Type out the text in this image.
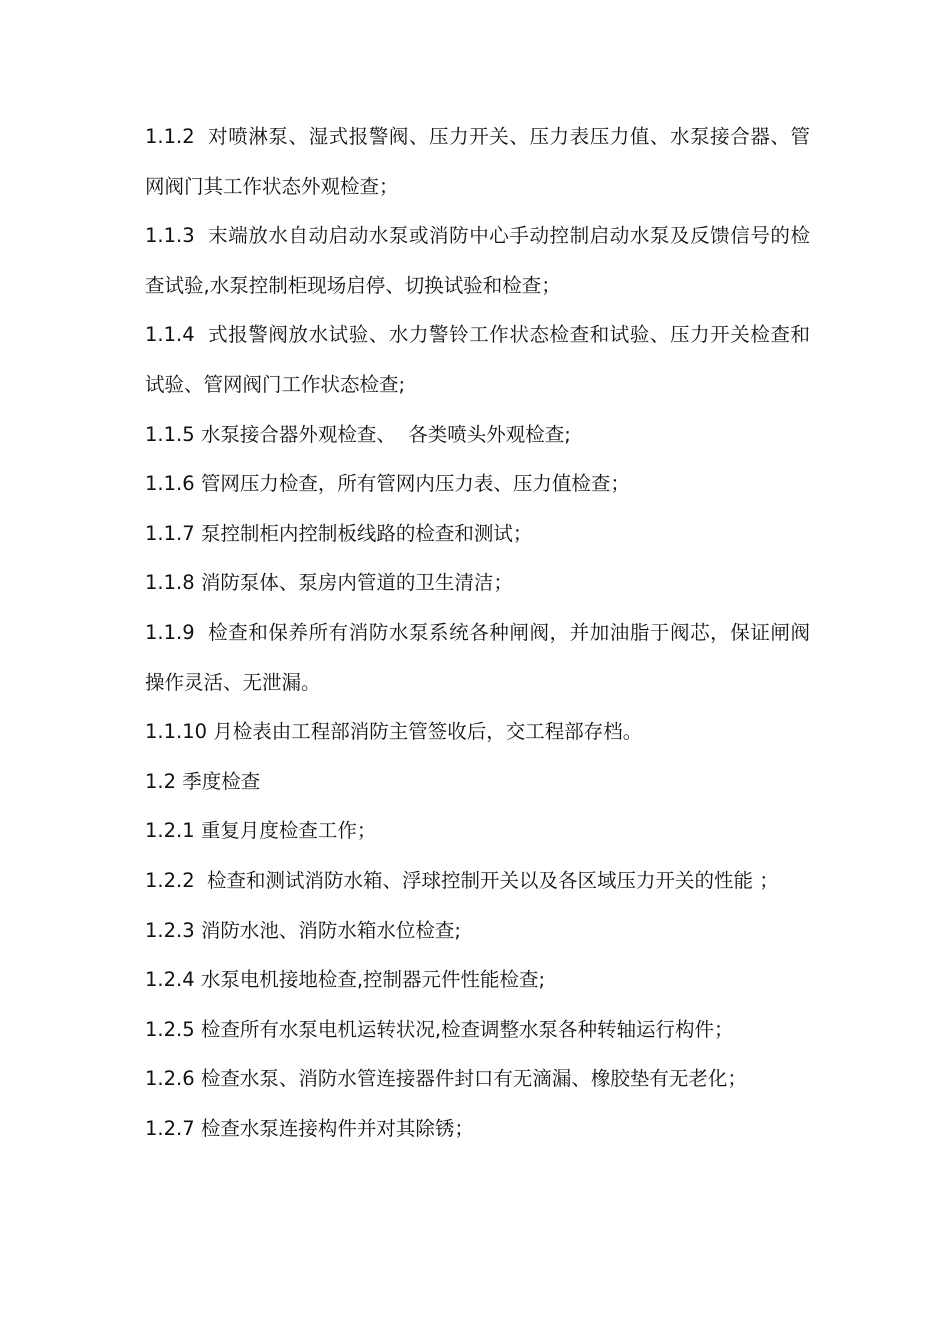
1.1.2  对喷淋泵、湿式报警阀、压力开关、压力表压力值、水泵接合器、管网阀门其工作状态外观检查；

1.1.3  末端放水自动启动水泵或消防中心手动控制启动水泵及反馈信号的检查试验,水泵控制柜现场启停、切换试验和检查；

1.1.4  式报警阀放水试验、水力警铃工作状态检查和试验、压力开关检查和试验、管网阀门工作状态检查;

1.1.5 水泵接合器外观检查、  各类喷头外观检查;

1.1.6 管网压力检查，所有管网内压力表、压力值检查；

1.1.7 泵控制柜内控制板线路的检查和测试；

1.1.8 消防泵体、泵房内管道的卫生清洁；

1.1.9  检查和保养所有消防水泵系统各种闸阀，并加油脂于阀芯，保证闸阀操作灵活、无泄漏。

1.1.10 月检表由工程部消防主管签收后，交工程部存档。

1.2 季度检查

1.2.1 重复月度检查工作；

1.2.2  检查和测试消防水箱、浮球控制开关以及各区域压力开关的性能 ；

1.2.3 消防水池、消防水箱水位检查;

1.2.4 水泵电机接地检查,控制器元件性能检查;

1.2.5 检查所有水泵电机运转状况,检查调整水泵各种转轴运行构件；

1.2.6 检查水泵、消防水管连接器件封口有无滴漏、橡胶垫有无老化；

1.2.7 检查水泵连接构件并对其除锈；
